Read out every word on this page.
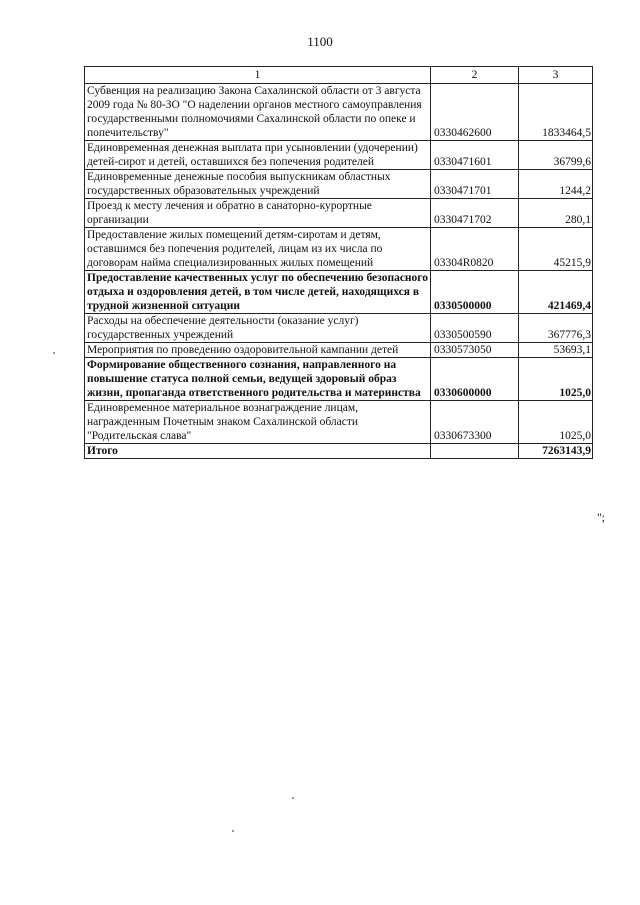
1100
1	2	3
Субвенция на реализацию Закона Сахалинской области от 3 августа 2009 года № 80-ЗО "О наделении органов местного самоуправления государственными полномочиями Сахалинской области по опеке и попечительству"	0330462600	1833464,5
Единовременная денежная выплата при усыновлении (удочерении) детей-сирот и детей, оставшихся без попечения родителей	0330471601	36799,6
Единовременные денежные пособия выпускникам областных государственных образовательных учреждений	0330471701	1244,2
Проезд к месту лечения и обратно в санаторно-курортные организации	0330471702	280,1
Предоставление жилых помещений детям-сиротам и детям, оставшимся без попечения родителей, лицам из их числа по договорам найма специализированных жилых помещений	03304R0820	45215,9
Предоставление качественных услуг по обеспечению безопасного отдыха и оздоровления детей, в том числе детей, находящихся в трудной жизненной ситуации	0330500000	421469,4
Расходы на обеспечение деятельности (оказание услуг) государственных учреждений	0330500590	367776,3
Мероприятия по проведению оздоровительной кампании детей	0330573050	53693,1
Формирование общественного сознания, направленного на повышение статуса полной семьи, ведущей здоровый образ жизни, пропаганда ответственного родительства и материнства	0330600000	1025,0
Единовременное материальное вознаграждение лицам, награжденным Почетным знаком Сахалинской области "Родительская слава"	0330673300	1025,0
Итого		7263143,9
";
